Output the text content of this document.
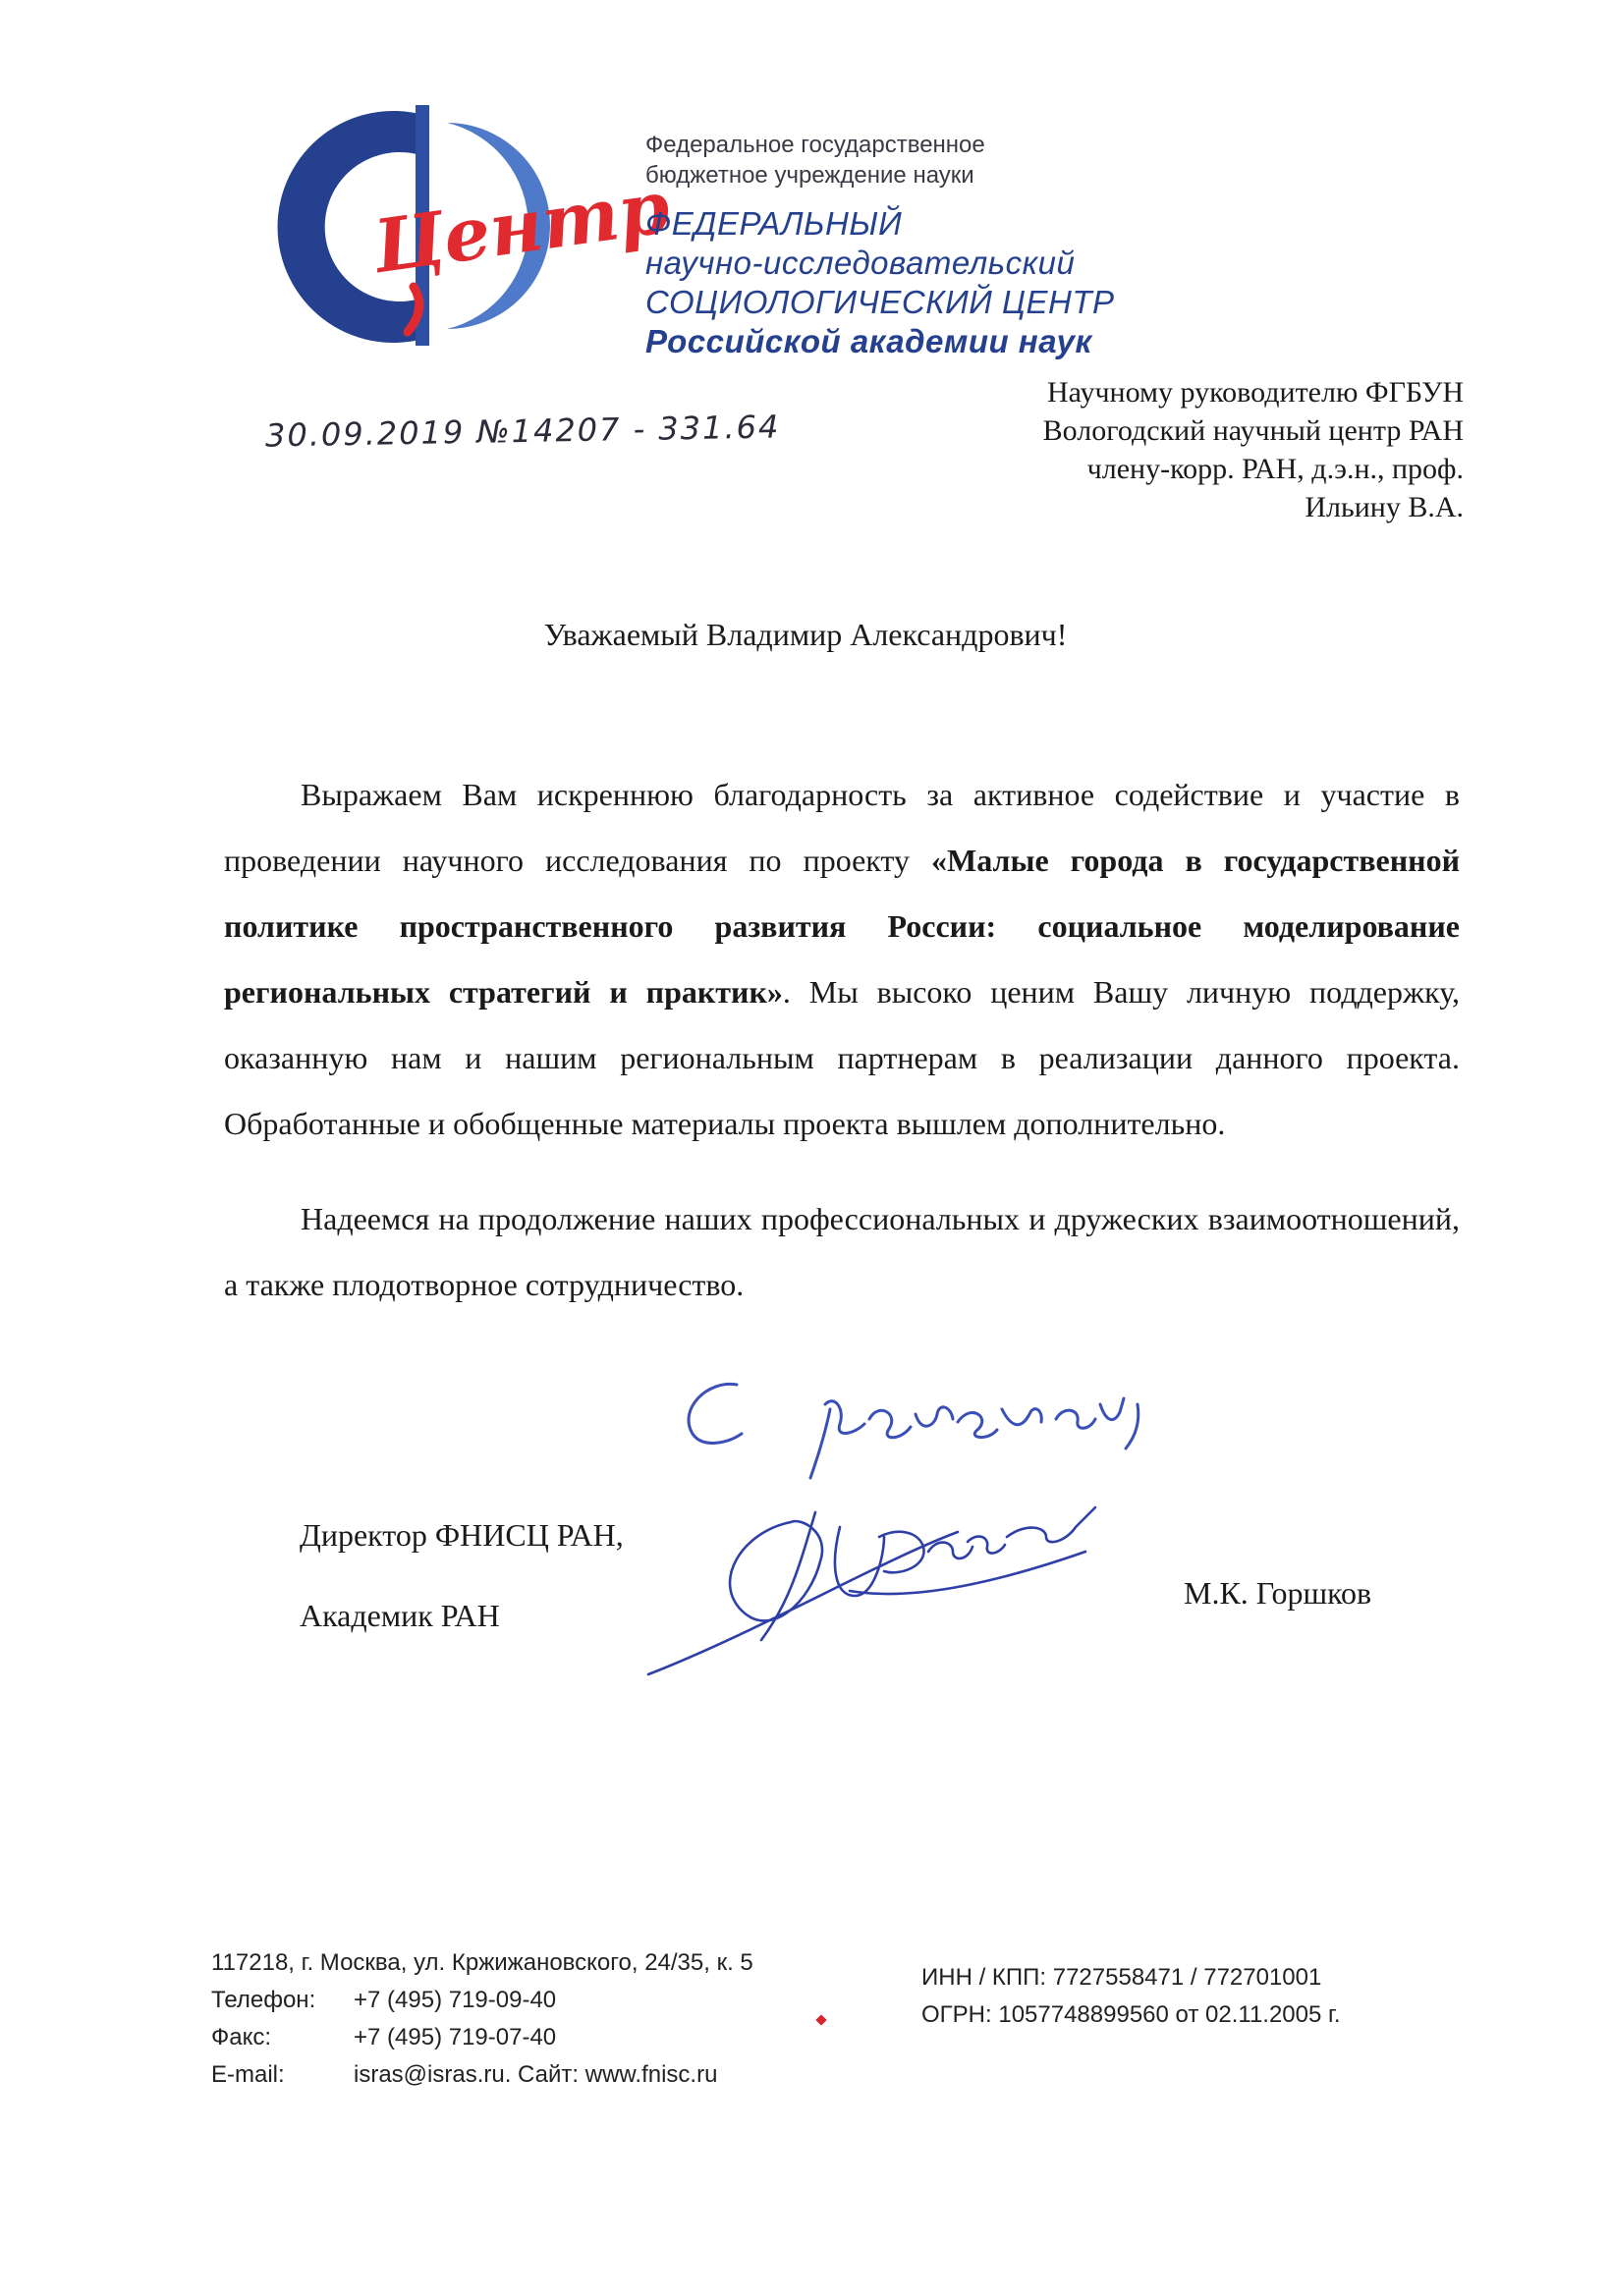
Центр
Федеральное государственное
бюджетное учреждение науки
ФЕДЕРАЛЬНЫЙ
научно-исследовательский
СОЦИОЛОГИЧЕСКИЙ ЦЕНТР
Российской академии наук
30.09.2019 №14207 - 331.64
Научному руководителю ФГБУН
Вологодский научный центр РАН
члену-корр. РАН, д.э.н., проф.
Ильину В.А.
Уважаемый Владимир Александрович!

Выражаем Вам искреннюю благодарность за активное содействие и участие в проведении научного исследования по проекту «Малые города в государственной политике пространственного развития России: социальное моделирование региональных стратегий и практик». Мы высоко ценим Вашу личную поддержку, оказанную нам и нашим региональным партнерам в реализации данного проекта. Обработанные и обобщенные материалы проекта вышлем дополнительно.

Надеемся на продолжение наших профессиональных и дружеских взаимоотношений, а также плодотворное сотрудничество.

Директор ФНИСЦ РАН,
Академик РАН
М.К. Горшков
117218, г. Москва, ул. Кржижановского, 24/35, к. 5
Телефон: +7 (495) 719-09-40
Факс:	+7 (495) 719-07-40
E-mail:	isras@isras.ru. Сайт: www.fnisc.ru
ИНН / КПП: 7727558471 / 772701001
ОГРН: 1057748899560 от 02.11.2005 г.
